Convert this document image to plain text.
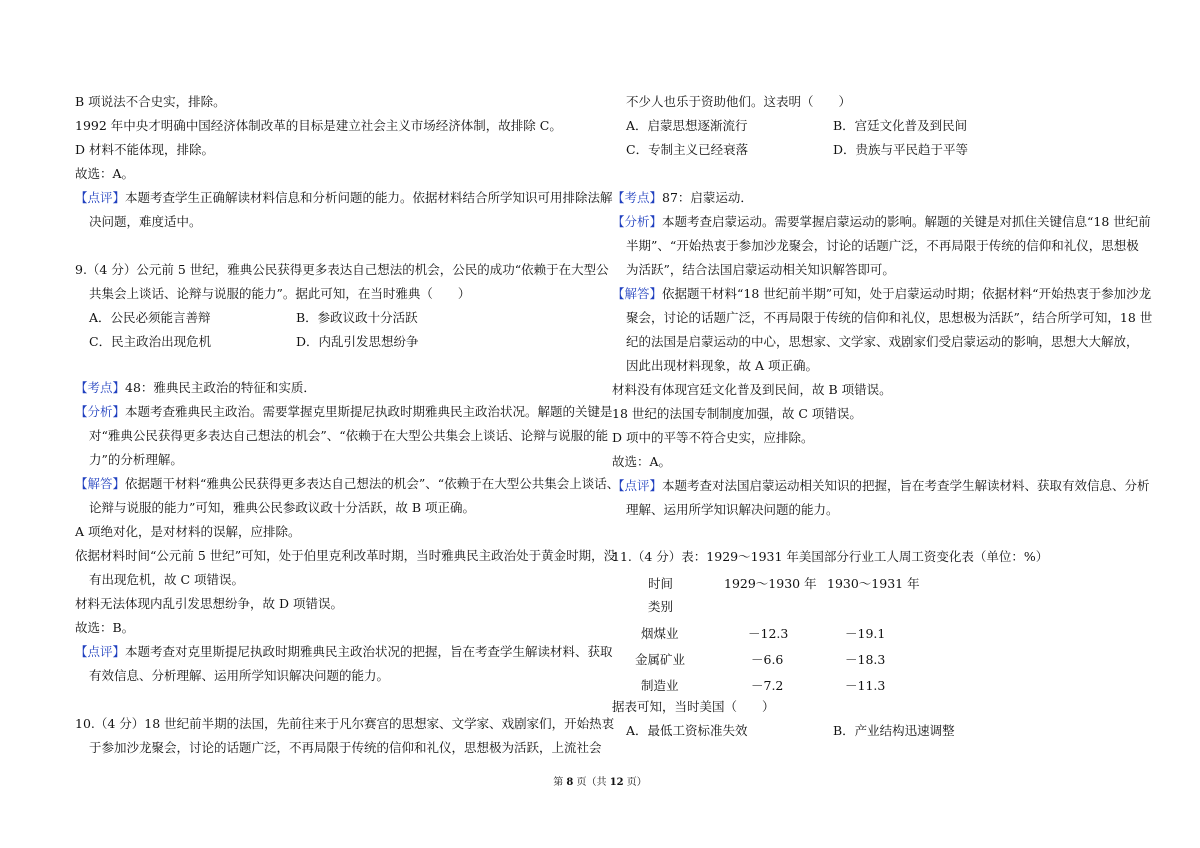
B 项说法不合史实，排除。
1992 年中央才明确中国经济体制改革的目标是建立社会主义市场经济体制，故排除 C。
D 材料不能体现，排除。
故选：A。
【点评】本题考查学生正确解读材料信息和分析问题的能力。依据材料结合所学知识可用排除法解
决问题，难度适中。
9.（4 分）公元前 5 世纪，雅典公民获得更多表达自己想法的机会，公民的成功“依赖于在大型公
共集会上谈话、论辩与说服的能力”。据此可知，在当时雅典（　　）
A．公民必须能言善辩	B．参政议政十分活跃
C．民主政治出现危机	D．内乱引发思想纷争
【考点】48：雅典民主政治的特征和实质．
【分析】本题考查雅典民主政治。需要掌握克里斯提尼执政时期雅典民主政治状况。解题的关键是
对“雅典公民获得更多表达自己想法的机会”、“依赖于在大型公共集会上谈话、论辩与说服的能
力”的分析理解。
【解答】依据题干材料“雅典公民获得更多表达自己想法的机会”、“依赖于在大型公共集会上谈话、
论辩与说服的能力”可知，雅典公民参政议政十分活跃，故 B 项正确。
A 项绝对化，是对材料的误解，应排除。
依据材料时间“公元前 5 世纪”可知，处于伯里克利改革时期，当时雅典民主政治处于黄金时期，没
有出现危机，故 C 项错误。
材料无法体现内乱引发思想纷争，故 D 项错误。
故选：B。
【点评】本题考查对克里斯提尼执政时期雅典民主政治状况的把握，旨在考查学生解读材料、获取
有效信息、分析理解、运用所学知识解决问题的能力。
10.（4 分）18 世纪前半期的法国，先前往来于凡尔赛宫的思想家、文学家、戏剧家们，开始热衷
于参加沙龙聚会，讨论的话题广泛，不再局限于传统的信仰和礼仪，思想极为活跃，上流社会
不少人也乐于资助他们。这表明（　　）
A．启蒙思想逐渐流行	B．宫廷文化普及到民间
C．专制主义已经衰落	D．贵族与平民趋于平等
【考点】87：启蒙运动．
【分析】本题考查启蒙运动。需要掌握启蒙运动的影响。解题的关键是对抓住关键信息“18 世纪前
半期”、“开始热衷于参加沙龙聚会，讨论的话题广泛，不再局限于传统的信仰和礼仪，思想极
为活跃”，结合法国启蒙运动相关知识解答即可。
【解答】依据题干材料“18 世纪前半期”可知，处于启蒙运动时期；依据材料“开始热衷于参加沙龙
聚会，讨论的话题广泛，不再局限于传统的信仰和礼仪，思想极为活跃”，结合所学可知，18 世
纪的法国是启蒙运动的中心，思想家、文学家、戏剧家们受启蒙运动的影响，思想大大解放，
因此出现材料现象，故 A 项正确。
材料没有体现宫廷文化普及到民间，故 B 项错误。
18 世纪的法国专制制度加强，故 C 项错误。
D 项中的平等不符合史实，应排除。
故选：A。
【点评】本题考查对法国启蒙运动相关知识的把握，旨在考查学生解读材料、获取有效信息、分析
理解、运用所学知识解决问题的能力。
11.（4 分）表：1929～1931 年美国部分行业工人周工资变化表（单位：%）
时间	1929～1930 年 1930～1931 年
类别
烟煤业	－12.3	－19.1
金属矿业	－6.6	－18.3
制造业	－7.2	－11.3
据表可知，当时美国（　　）
A．最低工资标准失效	B．产业结构迅速调整
第 8 页（共 12 页）
